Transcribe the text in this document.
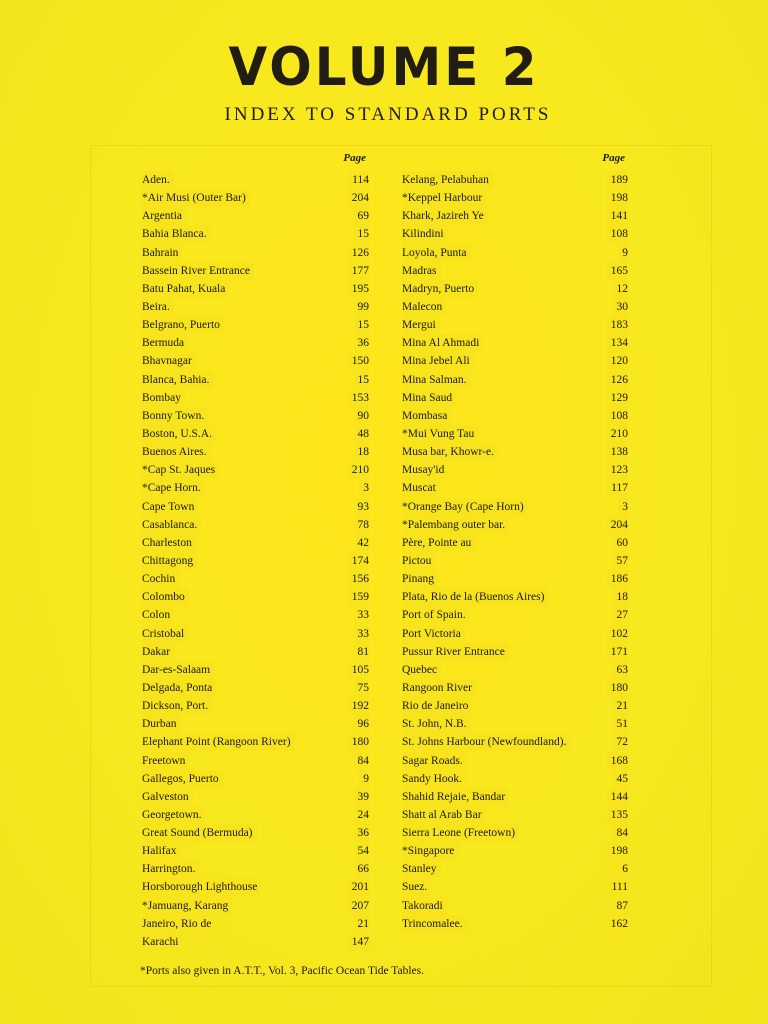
VOLUME 2
INDEX TO STANDARD PORTS
Page
Aden.	114
*Air Musi (Outer Bar)	204
Argentia	69
Bahia Blanca.	15
Bahrain	126
Bassein River Entrance	177
Batu Pahat, Kuala	195
Beira.	99
Belgrano, Puerto	15
Bermuda	36
Bhavnagar	150
Blanca, Bahia.	15
Bombay	153
Bonny Town.	90
Boston, U.S.A.	48
Buenos Aires.	18
*Cap St. Jaques	210
*Cape Horn.	3
Cape Town	93
Casablanca.	78
Charleston	42
Chittagong	174
Cochin	156
Colombo	159
Colon	33
Cristobal	33
Dakar	81
Dar-es-Salaam	105
Delgada, Ponta	75
Dickson, Port.	192
Durban	96
Elephant Point (Rangoon River)	180
Freetown	84
Gallegos, Puerto	9
Galveston	39
Georgetown.	24
Great Sound (Bermuda)	36
Halifax	54
Harrington.	66
Horsborough Lighthouse	201
*Jamuang, Karang	207
Janeiro, Rio de	21
Karachi	147
Page
Kelang, Pelabuhan	189
*Keppel Harbour	198
Khark, Jazireh Ye	141
Kilindini	108
Loyola, Punta	9
Madras	165
Madryn, Puerto	12
Malecon	30
Mergui	183
Mina Al Ahmadi	134
Mina Jebel Ali	120
Mina Salman.	126
Mina Saud	129
Mombasa	108
*Mui Vung Tau	210
Musa bar, Khowr-e.	138
Musay'id	123
Muscat	117
*Orange Bay (Cape Horn)	3
*Palembang outer bar.	204
Père, Pointe au	60
Pictou	57
Pinang	186
Plata, Rio de la (Buenos Aires)	18
Port of Spain.	27
Port Victoria	102
Pussur River Entrance	171
Quebec	63
Rangoon River	180
Rio de Janeiro	21
St. John, N.B.	51
St. Johns Harbour (Newfoundland).	72
Sagar Roads.	168
Sandy Hook.	45
Shahid Rejaie, Bandar	144
Shatt al Arab Bar	135
Sierra Leone (Freetown)	84
*Singapore	198
Stanley	6
Suez.	111
Takoradi	87
Trincomalee.	162
*Ports also given in A.T.T., Vol. 3, Pacific Ocean Tide Tables.
